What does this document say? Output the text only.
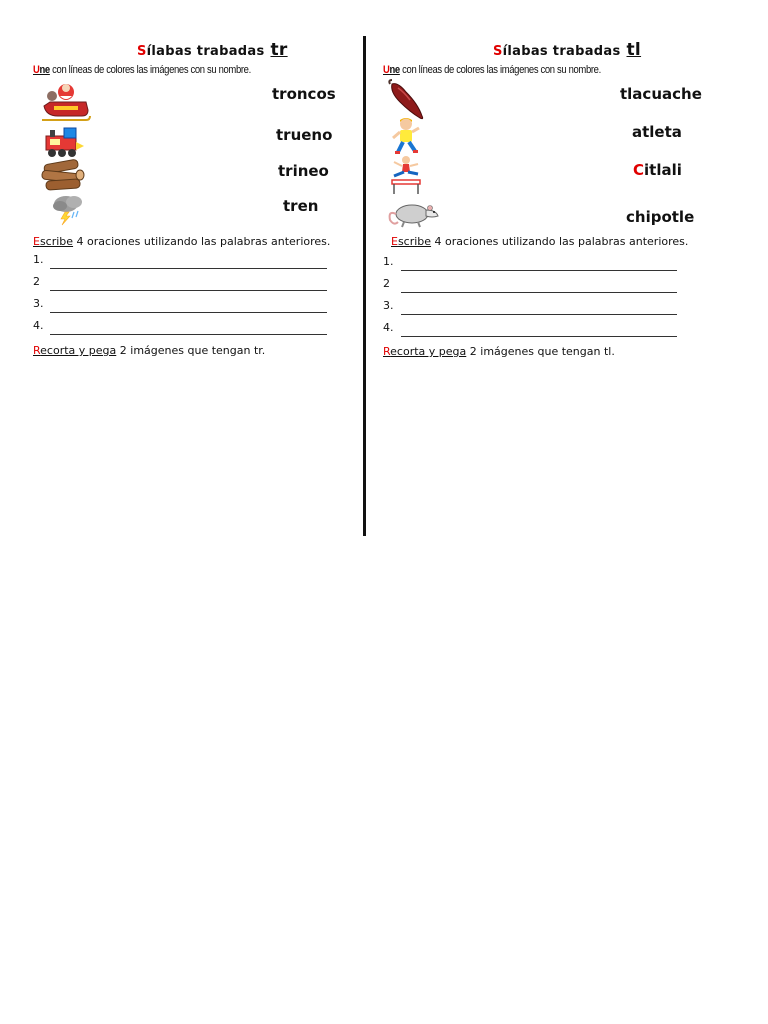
Sílabas trabadas tr
Une con líneas de colores las imágenes con su nombre.
troncos
trueno
trineo
tren
Escribe 4 oraciones utilizando las palabras anteriores.
1.
2
3.
4.
Recorta y pega 2 imágenes que tengan tr.
Sílabas trabadas tl
Une con líneas de colores las imágenes con su nombre.
tlacuache
atleta
Citlali
chipotle
Escribe 4 oraciones utilizando las palabras anteriores.
1.
2
3.
4.
Recorta y pega 2 imágenes que tengan tl.
